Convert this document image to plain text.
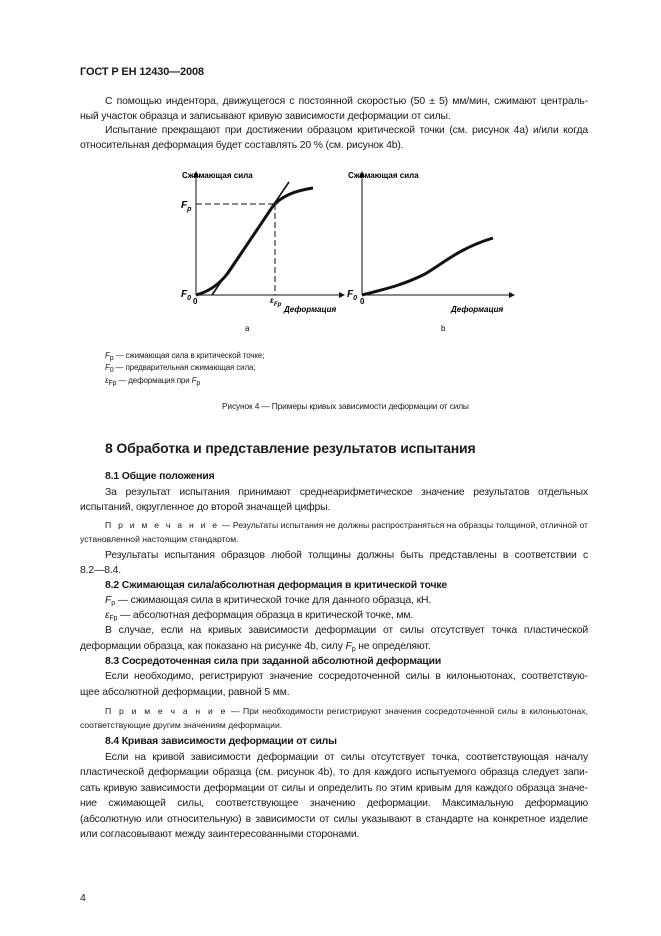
ГОСТ Р ЕН 12430—2008
С помощью индентора, движущегося с постоянной скоростью (50 ± 5) мм/мин, сжимают централь-
ный участок образца и записывают кривую зависимости деформации от силы.
Испытание прекращают при достижении образцом критической точки (см. рисунок 4a) и/или когда
относительная деформация будет составлять 20 % (см. рисунок 4b).
Сжимающая сила
$F_p$
$F_0$ 0	$\varepsilon_{Fp}$ Деформация
a
Сжимающая сила
$F_0$ 0
Деформация
b
$F_p$ — сжимающая сила в критической точке;
$F_0$ — предварительная сжимающая сила;
$\varepsilon_{Fp}$ — деформация при $F_p$
Рисунок 4 — Примеры кривых зависимости деформации от силы
8 Обработка и представление результатов испытания
8.1 Общие положения
За результат испытания принимают среднеарифметическое значение результатов отдельных
испытаний, округленное до второй значащей цифры.
П р и м е ч а н и е — Результаты испытания не должны распространяться на образцы толщиной, отличной от
установленной настоящим стандартом.
Результаты испытания образцов любой толщины должны быть представлены в соответствии с
8.2—8.4.
8.2 Сжимающая сила/абсолютная деформация в критической точке
$F_p$ — сжимающая сила в критической точке для данного образца, кН.
$\varepsilon_{Fp}$ — абсолютная деформация образца в критической точке, мм.
В случае, если на кривых зависимости деформации от силы отсутствует точка пластической
деформации образца, как показано на рисунке 4b, силу $F_p$ не определяют.
8.3 Сосредоточенная сила при заданной абсолютной деформации
Если необходимо, регистрируют значение сосредоточенной силы в килоньютонах, соответствую-
щее абсолютной деформации, равной 5 мм.
П р и м е ч а н и е — При необходимости регистрируют значения сосредоточенной силы в килоньютонах,
соответствующие другим значениям деформации.
8.4 Кривая зависимости деформации от силы
Если на кривой зависимости деформации от силы отсутствует точка, соответствующая началу
пластической деформации образца (см. рисунок 4b), то для каждого испытуемого образца следует запи-
сать кривую зависимости деформации от силы и определить по этим кривым для каждого образца значе-
ние сжимающей силы, соответствующее значению деформации. Максимальную деформацию
(абсолютную или относительную) в зависимости от силы указывают в стандарте на конкретное изделие
или согласовывают между заинтересованными сторонами.
4
